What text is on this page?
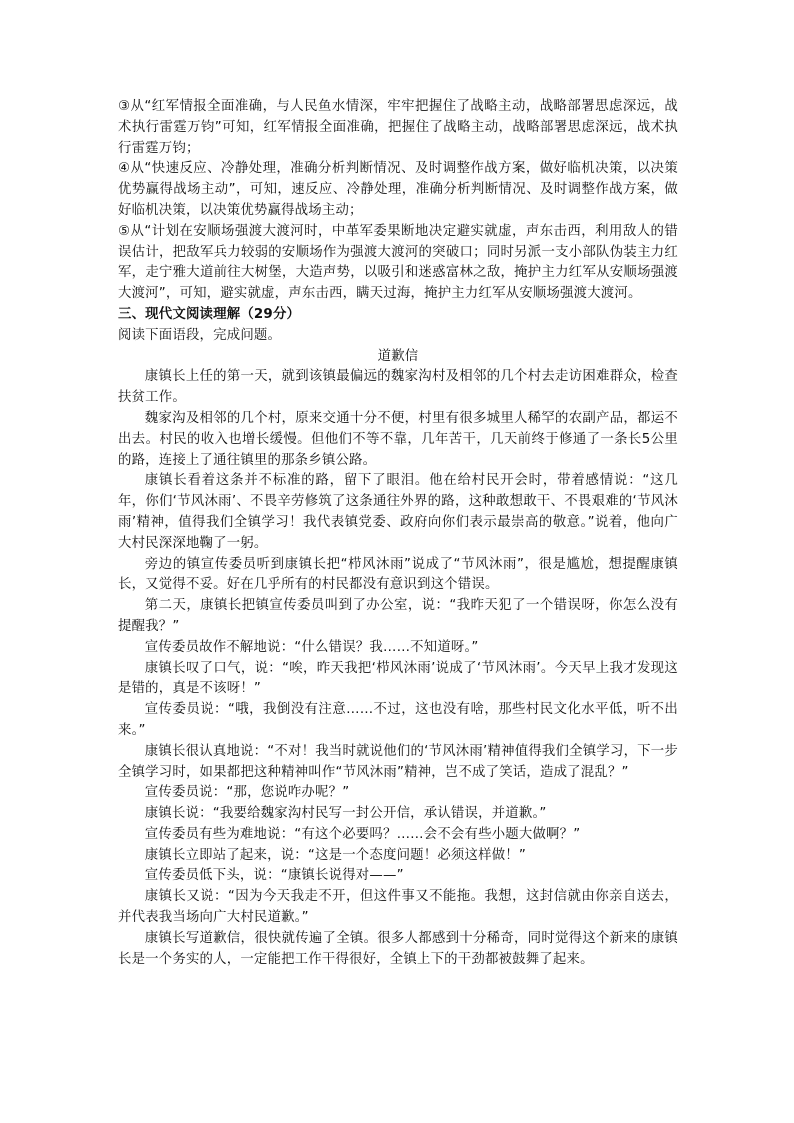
③从“红军情报全面准确，与人民鱼水情深，牢牢把握住了战略主动，战略部署思虑深远，战术执行雷霆万钧”可知，红军情报全面准确，把握住了战略主动，战略部署思虑深远，战术执行雷霆万钧；

④从“快速反应、冷静处理，准确分析判断情况、及时调整作战方案，做好临机决策，以决策优势赢得战场主动”，可知，速反应、冷静处理，准确分析判断情况、及时调整作战方案，做好临机决策，以决策优势赢得战场主动；

⑤从“计划在安顺场强渡大渡河时，中革军委果断地决定避实就虚，声东击西，利用敌人的错误估计，把敌军兵力较弱的安顺场作为强渡大渡河的突破口；同时另派一支小部队伪装主力红军，走宁雅大道前往大树堡，大造声势，以吸引和迷惑富林之敌，掩护主力红军从安顺场强渡大渡河”，可知，避实就虚，声东击西，瞒天过海，掩护主力红军从安顺场强渡大渡河。

三、现代文阅读理解（29分）

阅读下面语段，完成问题。

道歉信

康镇长上任的第一天，就到该镇最偏远的魏家沟村及相邻的几个村去走访困难群众，检查扶贫工作。

魏家沟及相邻的几个村，原来交通十分不便，村里有很多城里人稀罕的农副产品，都运不出去。村民的收入也增长缓慢。但他们不等不靠，几年苦干，几天前终于修通了一条长5公里的路，连接上了通往镇里的那条乡镇公路。

康镇长看着这条并不标准的路，留下了眼泪。他在给村民开会时，带着感情说：“这几年，你们‘节风沐雨’、不畏辛劳修筑了这条通往外界的路，这种敢想敢干、不畏艰难的‘节风沐雨’精神，值得我们全镇学习！我代表镇党委、政府向你们表示最崇高的敬意。”说着，他向广大村民深深地鞠了一躬。

旁边的镇宣传委员听到康镇长把“栉风沐雨”说成了“节风沐雨”，很是尴尬，想提醒康镇长，又觉得不妥。好在几乎所有的村民都没有意识到这个错误。

第二天，康镇长把镇宣传委员叫到了办公室，说：“我昨天犯了一个错误呀，你怎么没有提醒我？”

宣传委员故作不解地说：“什么错误？我……不知道呀。”

康镇长叹了口气，说：“唉，昨天我把‘栉风沐雨’说成了‘节风沐雨’。今天早上我才发现这是错的，真是不该呀！”

宣传委员说：“哦，我倒没有注意……不过，这也没有啥，那些村民文化水平低，听不出来。”

康镇长很认真地说：“不对！我当时就说他们的‘节风沐雨’精神值得我们全镇学习，下一步全镇学习时，如果都把这种精神叫作“节风沐雨”精神，岂不成了笑话，造成了混乱？”

宣传委员说：“那，您说咋办呢？”

康镇长说：“我要给魏家沟村民写一封公开信，承认错误，并道歉。”

宣传委员有些为难地说：“有这个必要吗？……会不会有些小题大做啊？”

康镇长立即站了起来，说：“这是一个态度问题！必须这样做！”

宣传委员低下头，说：“康镇长说得对——”

康镇长又说：“因为今天我走不开，但这件事又不能拖。我想，这封信就由你亲自送去，并代表我当场向广大村民道歉。”

康镇长写道歉信，很快就传遍了全镇。很多人都感到十分稀奇，同时觉得这个新来的康镇长是一个务实的人，一定能把工作干得很好，全镇上下的干劲都被鼓舞了起来。
